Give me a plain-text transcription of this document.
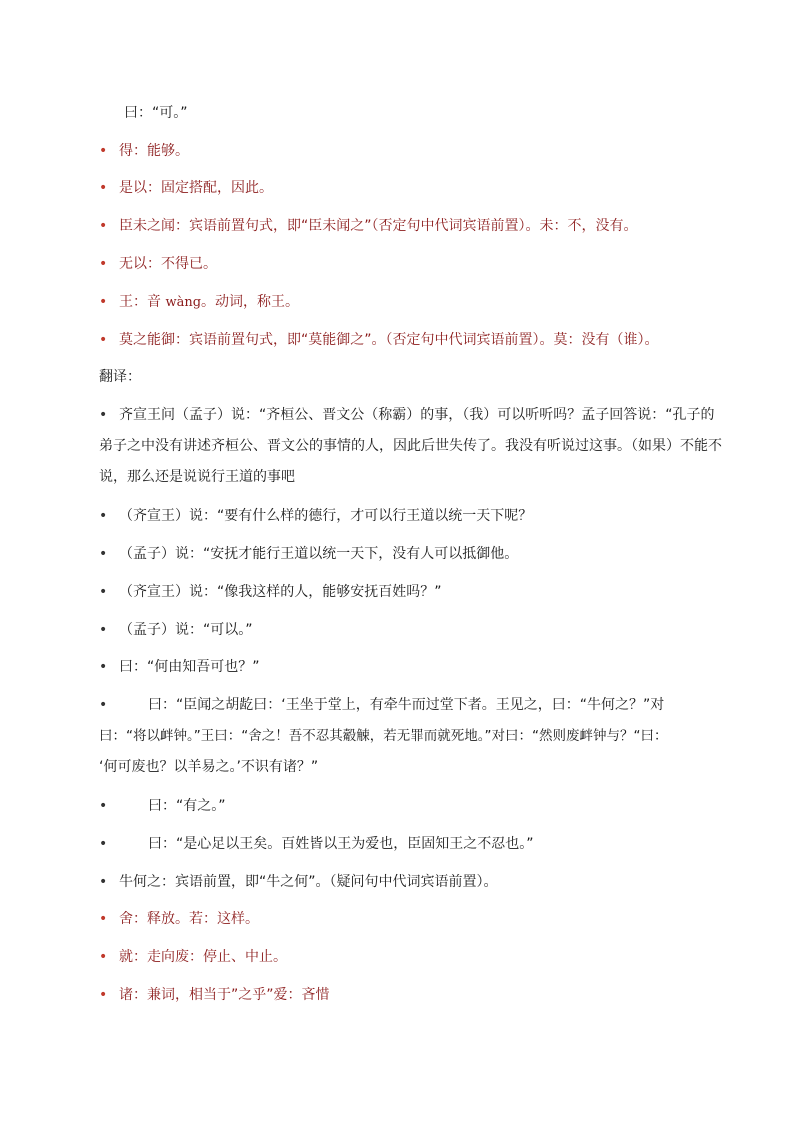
曰：“可。”
• 得：能够。
• 是以：固定搭配，因此。
• 臣未之闻：宾语前置句式，即“臣未闻之”（否定句中代词宾语前置）。未：不，没有。
• 无以：不得已。
• 王：音 wàng。动词，称王。
• 莫之能御：宾语前置句式，即“莫能御之”。（否定句中代词宾语前置）。莫：没有（谁）。
翻译：
• 齐宣王问（孟子）说：“齐桓公、晋文公（称霸）的事，（我）可以听听吗？孟子回答说：“孔子的
弟子之中没有讲述齐桓公、晋文公的事情的人，因此后世失传了。我没有听说过这事。（如果）不能不
说，那么还是说说行王道的事吧
• （齐宣王）说：“要有什么样的德行，才可以行王道以统一天下呢？
• （孟子）说：“安抚才能行王道以统一天下，没有人可以抵御他。
• （齐宣王）说：“像我这样的人，能够安抚百姓吗？”
• （孟子）说：“可以。”
• 曰：“何由知吾可也？”
•	曰：“臣闻之胡龁曰：‘王坐于堂上，有牵牛而过堂下者。王见之，曰：“牛何之？”对
曰：“将以衅钟。”王曰：“舍之！吾不忍其觳觫，若无罪而就死地。”对曰：“然则废衅钟与？“曰：
‘何可废也？以羊易之。’不识有诸？”
•	曰：“有之。”
•	曰：“是心足以王矣。百姓皆以王为爱也，臣固知王之不忍也。”
• 牛何之：宾语前置，即“牛之何”。（疑问句中代词宾语前置）。
• 舍：释放。若：这样。
• 就：走向废：停止、中止。
• 诸：兼词，相当于”之乎”爱：吝惜
